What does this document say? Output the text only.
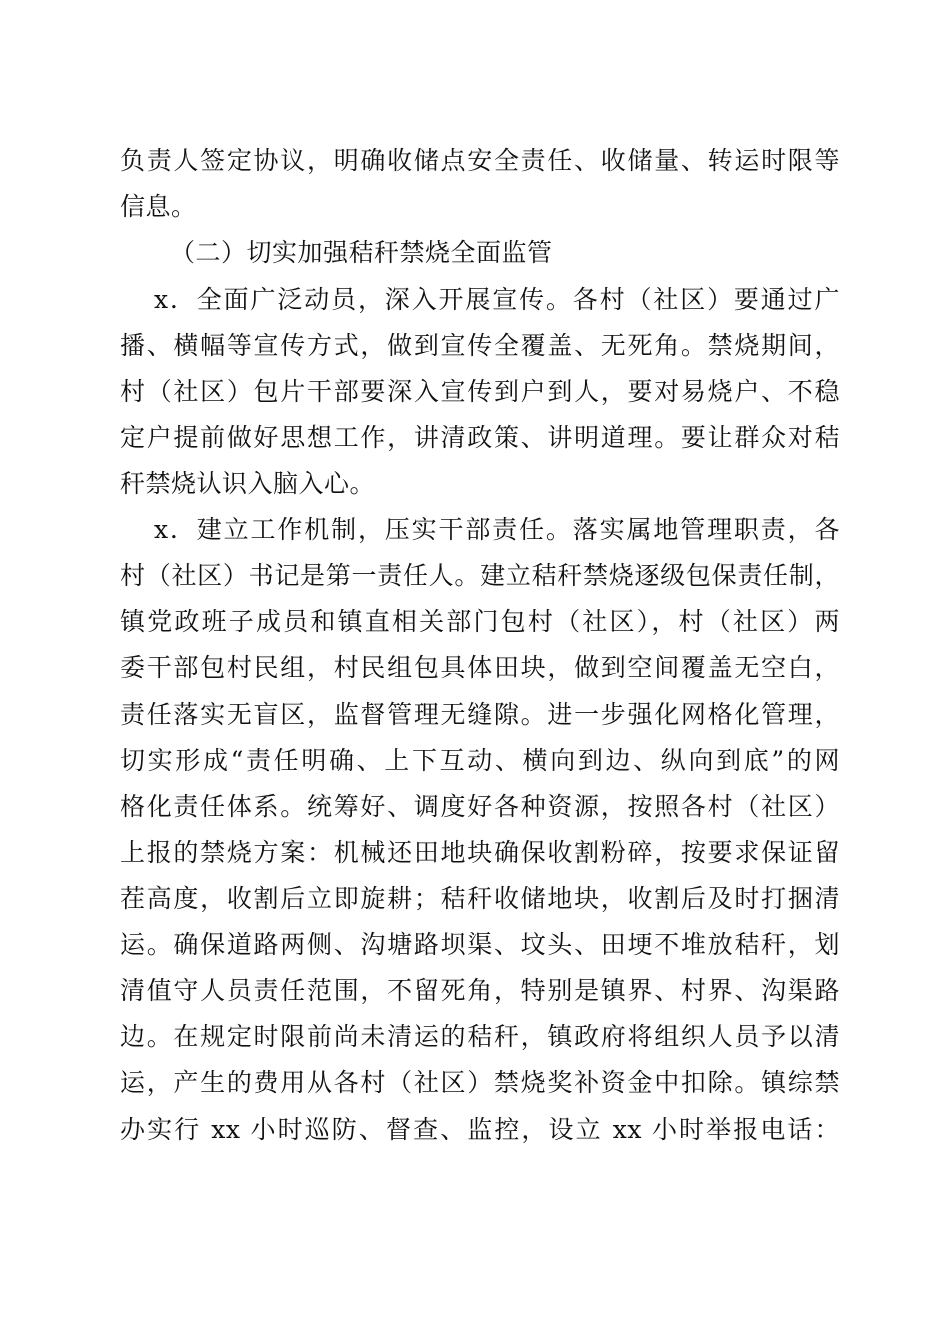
负责人签定协议，明确收储点安全责任、收储量、转运时限等
信息。
（二）切实加强秸秆禁烧全面监管
x．全面广泛动员，深入开展宣传。各村（社区）要通过广
播、横幅等宣传方式，做到宣传全覆盖、无死角。禁烧期间，
村（社区）包片干部要深入宣传到户到人，要对易烧户、不稳
定户提前做好思想工作，讲清政策、讲明道理。要让群众对秸
秆禁烧认识入脑入心。
x．建立工作机制，压实干部责任。落实属地管理职责，各
村（社区）书记是第一责任人。建立秸秆禁烧逐级包保责任制，
镇党政班子成员和镇直相关部门包村（社区），村（社区）两
委干部包村民组，村民组包具体田块，做到空间覆盖无空白，
责任落实无盲区，监督管理无缝隙。进一步强化网格化管理，
切实形成“责任明确、上下互动、横向到边、纵向到底”的网
格化责任体系。统筹好、调度好各种资源，按照各村（社区）
上报的禁烧方案：机械还田地块确保收割粉碎，按要求保证留
茬高度，收割后立即旋耕；秸秆收储地块，收割后及时打捆清
运。确保道路两侧、沟塘路坝渠、坟头、田埂不堆放秸秆，划
清值守人员责任范围，不留死角，特别是镇界、村界、沟渠路
边。在规定时限前尚未清运的秸秆，镇政府将组织人员予以清
运，产生的费用从各村（社区）禁烧奖补资金中扣除。镇综禁
办实行 xx 小时巡防、督查、监控，设立 xx 小时举报电话：
